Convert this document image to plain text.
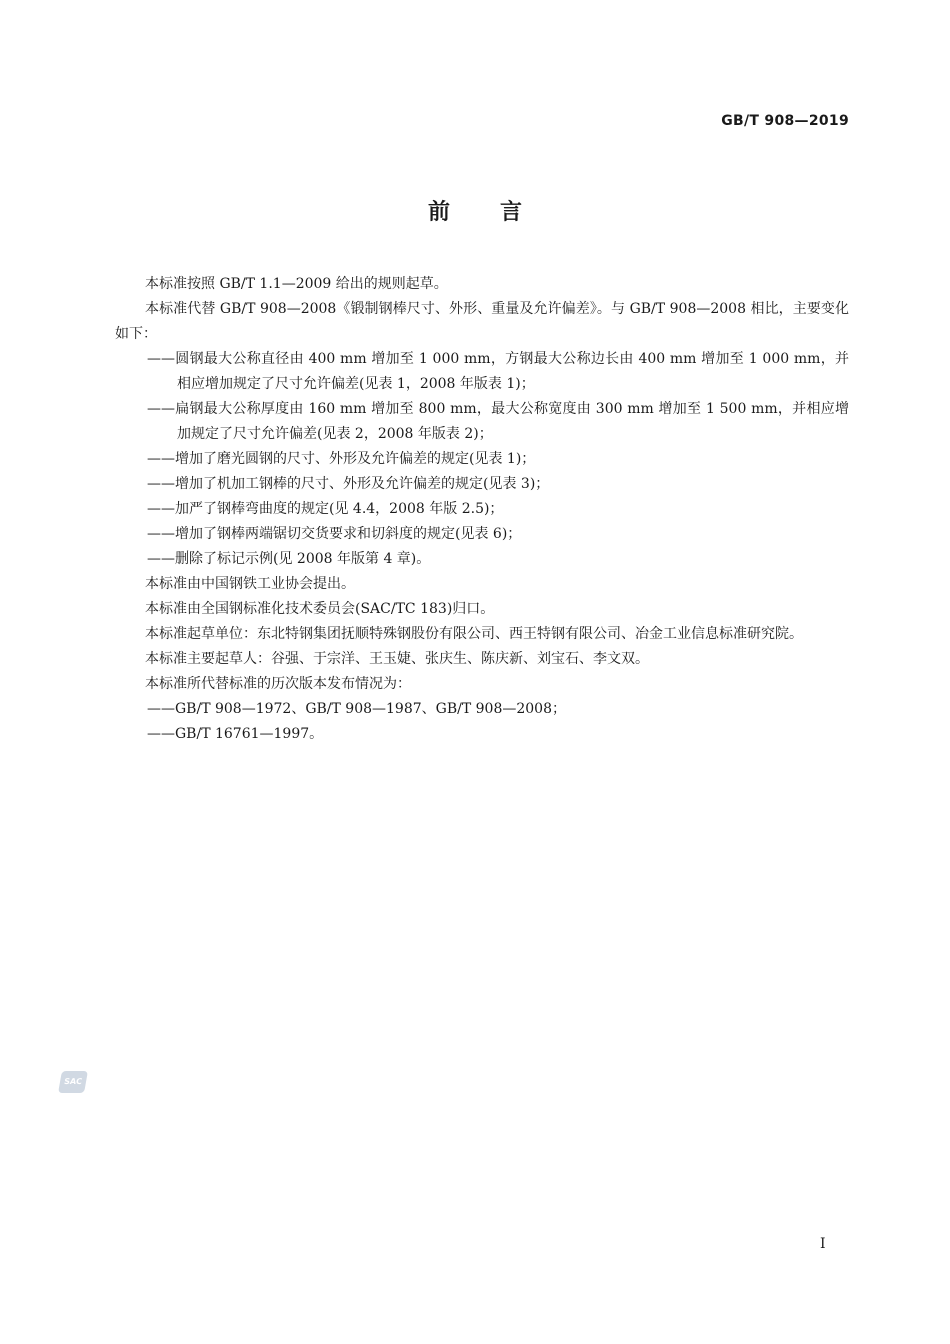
GB/T 908—2019
前言

本标准按照 GB/T 1.1—2009 给出的规则起草。

本标准代替 GB/T 908—2008《锻制钢棒尺寸、外形、重量及允许偏差》。与 GB/T 908—2008 相比，主要变化如下：

——圆钢最大公称直径由 400 mm 增加至 1 000 mm，方钢最大公称边长由 400 mm 增加至 1 000 mm，并相应增加规定了尺寸允许偏差(见表 1，2008 年版表 1)；

——扁钢最大公称厚度由 160 mm 增加至 800 mm，最大公称宽度由 300 mm 增加至 1 500 mm，并相应增加规定了尺寸允许偏差(见表 2，2008 年版表 2)；

——增加了磨光圆钢的尺寸、外形及允许偏差的规定(见表 1)；

——增加了机加工钢棒的尺寸、外形及允许偏差的规定(见表 3)；

——加严了钢棒弯曲度的规定(见 4.4，2008 年版 2.5)；

——增加了钢棒两端锯切交货要求和切斜度的规定(见表 6)；

——删除了标记示例(见 2008 年版第 4 章)。

本标准由中国钢铁工业协会提出。

本标准由全国钢标准化技术委员会(SAC/TC 183)归口。

本标准起草单位：东北特钢集团抚顺特殊钢股份有限公司、西王特钢有限公司、冶金工业信息标准研究院。

本标准主要起草人：谷强、于宗洋、王玉婕、张庆生、陈庆新、刘宝石、李文双。

本标准所代替标准的历次版本发布情况为：

——GB/T 908—1972、GB/T 908—1987、GB/T 908—2008；

——GB/T 16761—1997。

SAC
I
